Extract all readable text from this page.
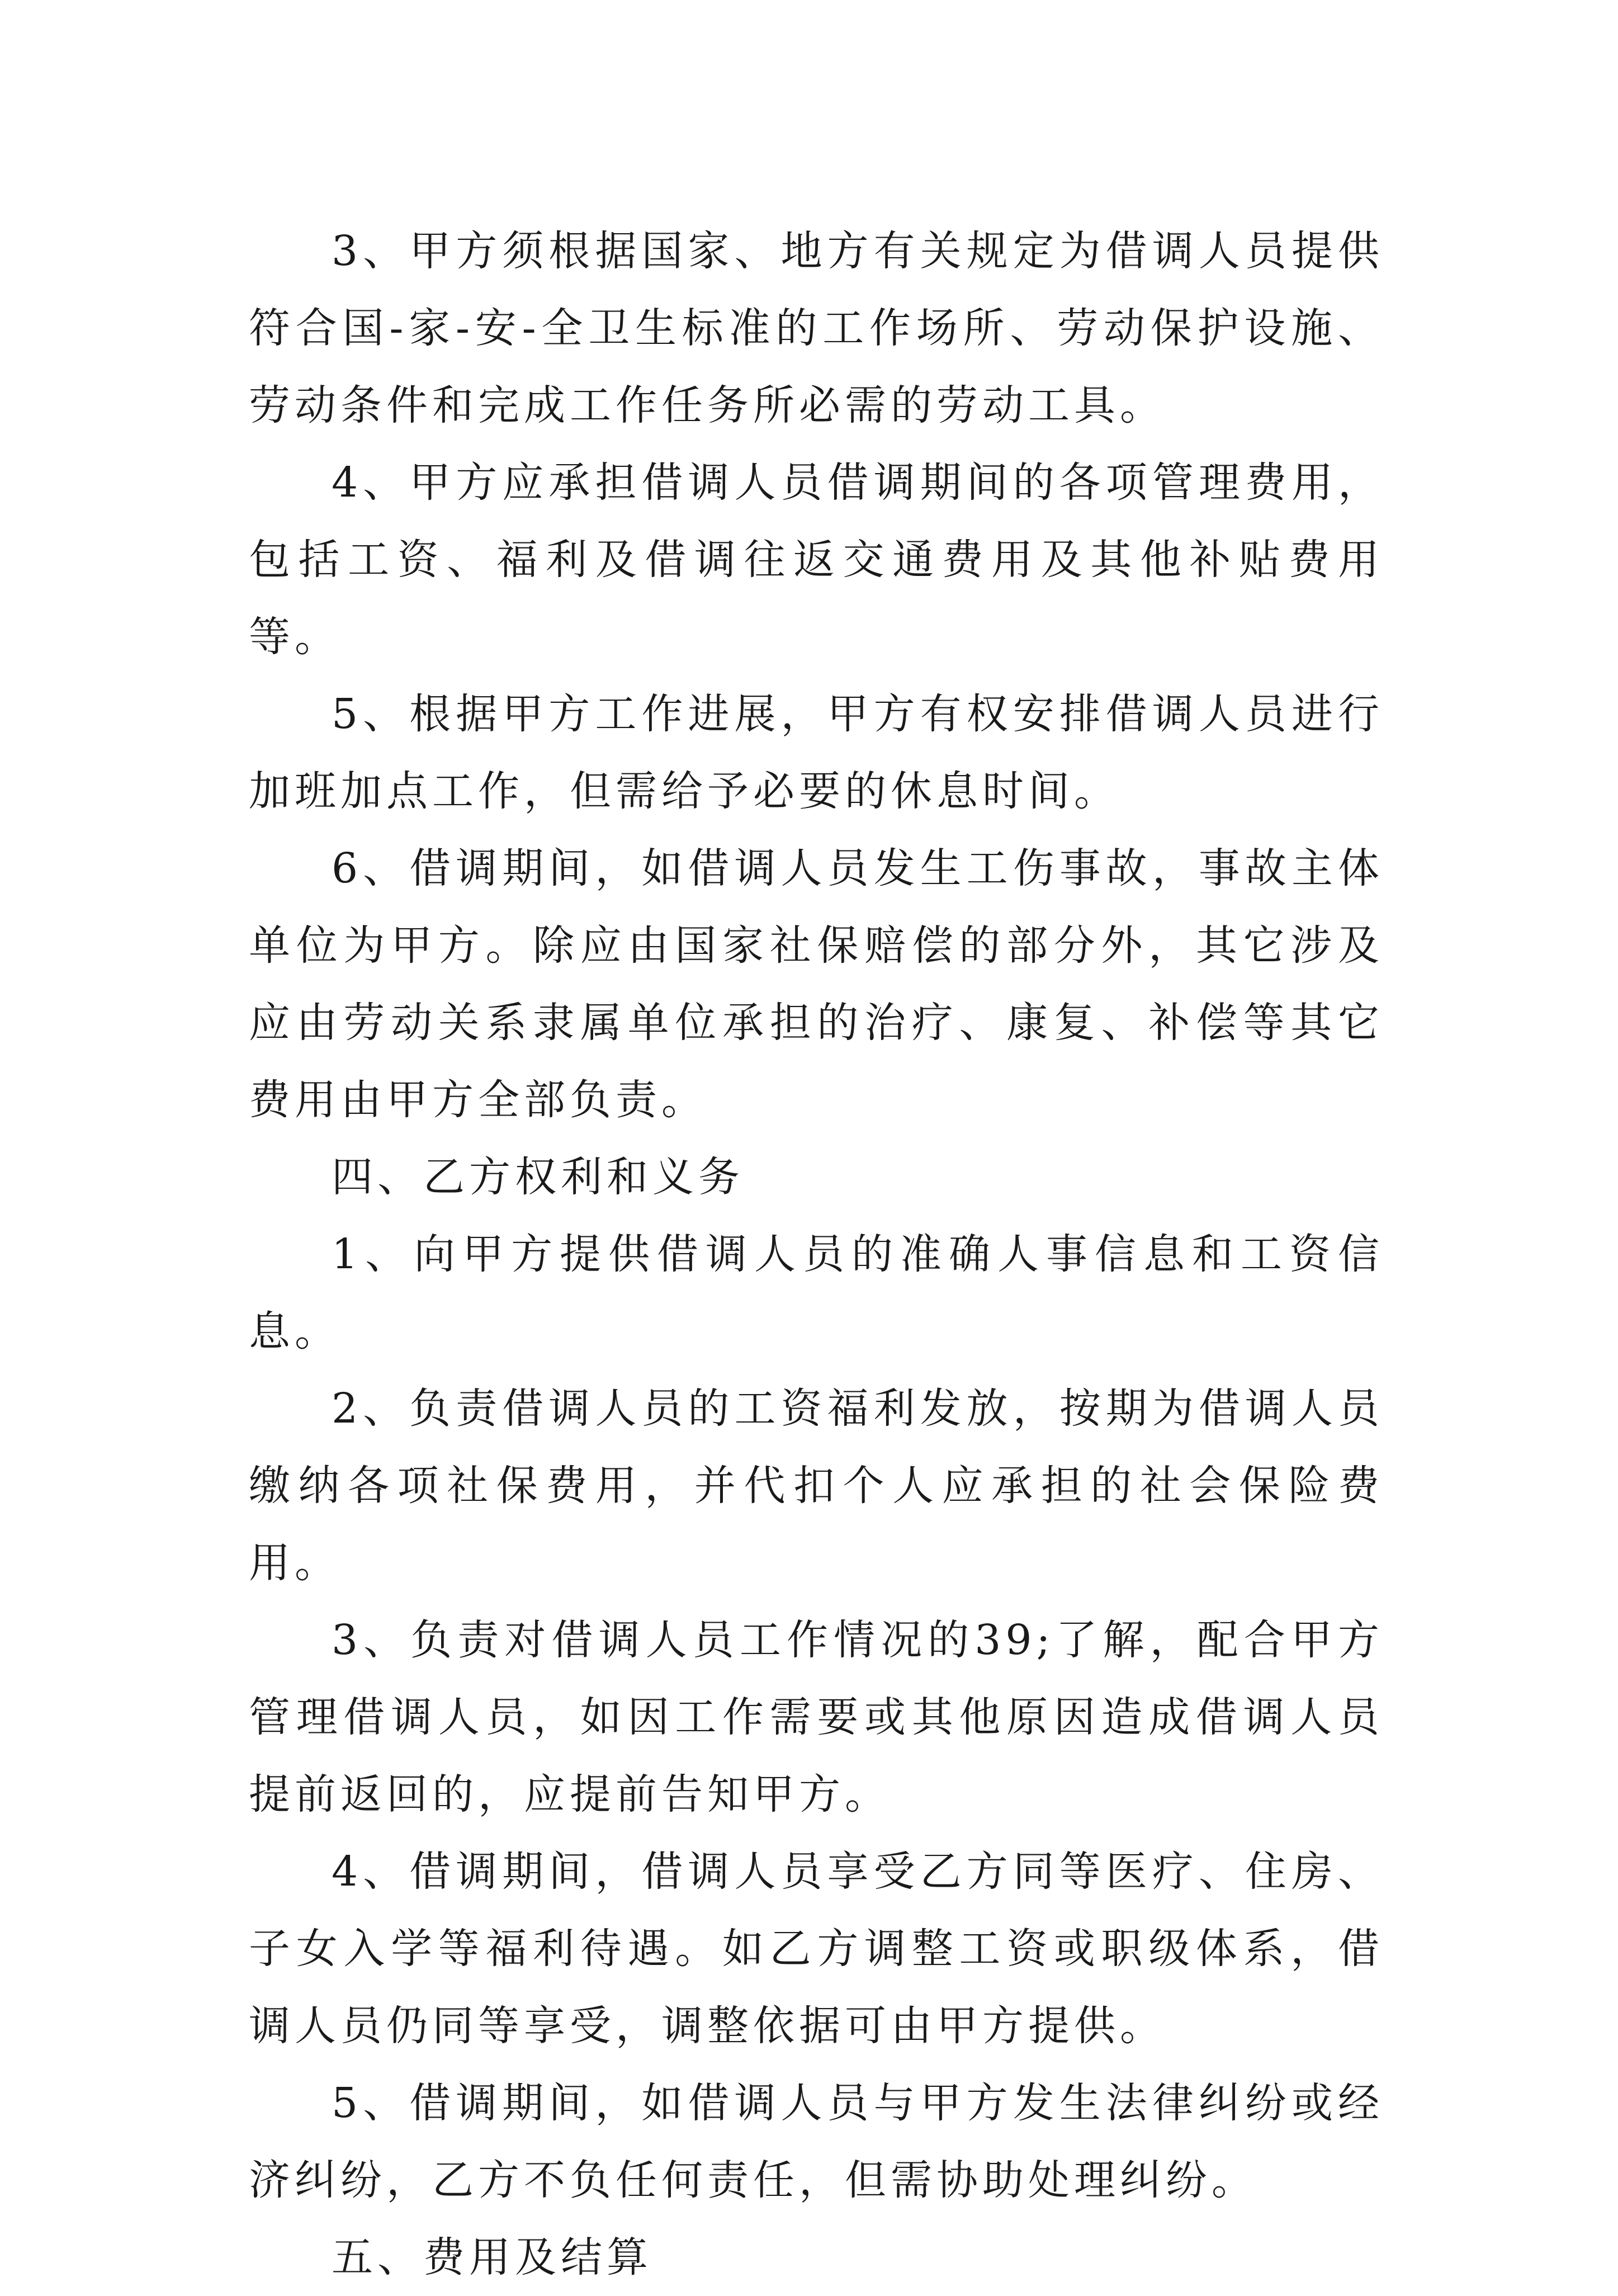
3、甲方须根据国家、地方有关规定为借调人员提供符合国-家-安-全卫生标准的工作场所、劳动保护设施、劳动条件和完成工作任务所必需的劳动工具。

4、甲方应承担借调人员借调期间的各项管理费用，包括工资、福利及借调往返交通费用及其他补贴费用等。

5、根据甲方工作进展，甲方有权安排借调人员进行加班加点工作，但需给予必要的休息时间。

6、借调期间，如借调人员发生工伤事故，事故主体单位为甲方。除应由国家社保赔偿的部分外，其它涉及应由劳动关系隶属单位承担的治疗、康复、补偿等其它费用由甲方全部负责。

四、乙方权利和义务

1、向甲方提供借调人员的准确人事信息和工资信息。

2、负责借调人员的工资福利发放，按期为借调人员缴纳各项社保费用，并代扣个人应承担的社会保险费用。

3、负责对借调人员工作情况的39;了解，配合甲方管理借调人员，如因工作需要或其他原因造成借调人员提前返回的，应提前告知甲方。

4、借调期间，借调人员享受乙方同等医疗、住房、子女入学等福利待遇。如乙方调整工资或职级体系，借调人员仍同等享受，调整依据可由甲方提供。

5、借调期间，如借调人员与甲方发生法律纠纷或经济纠纷，乙方不负任何责任，但需协助处理纠纷。

五、费用及结算
